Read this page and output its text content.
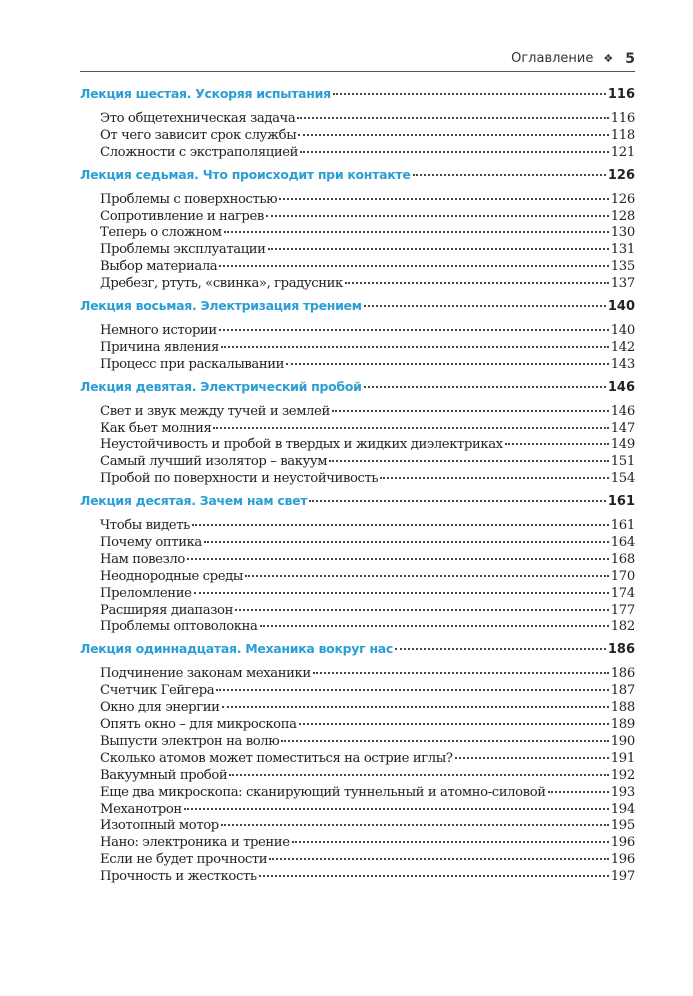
Оглавление ❖ 5
Лекция шестая. Ускоряя испытания	116
Это общетехническая задача	116
От чего зависит срок службы	118
Сложности с экстраполяцией	121
Лекция седьмая. Что происходит при контакте	126
Проблемы с поверхностью	126
Сопротивление и нагрев	128
Теперь о сложном	130
Проблемы эксплуатации	131
Выбор материала	135
Дребезг, ртуть, «свинка», градусник	137
Лекция восьмая. Электризация трением	140
Немного истории	140
Причина явления	142
Процесс при раскалывании	143
Лекция девятая. Электрический пробой	146
Свет и звук между тучей и землей	146
Как бьет молния	147
Неустойчивость и пробой в твердых и жидких диэлектриках	149
Самый лучший изолятор – вакуум	151
Пробой по поверхности и неустойчивость	154
Лекция десятая. Зачем нам свет	161
Чтобы видеть	161
Почему оптика	164
Нам повезло	168
Неоднородные среды	170
Преломление	174
Расширяя диапазон	177
Проблемы оптоволокна	182
Лекция одиннадцатая. Механика вокруг нас	186
Подчинение законам механики	186
Счетчик Гейгера	187
Окно для энергии	188
Опять окно – для микроскопа	189
Выпусти электрон на волю	190
Сколько атомов может поместиться на острие иглы?	191
Вакуумный пробой	192
Еще два микроскопа: сканирующий туннельный и атомно-силовой	193
Механотрон	194
Изотопный мотор	195
Нано: электроника и трение	196
Если не будет прочности	196
Прочность и жесткость	197
